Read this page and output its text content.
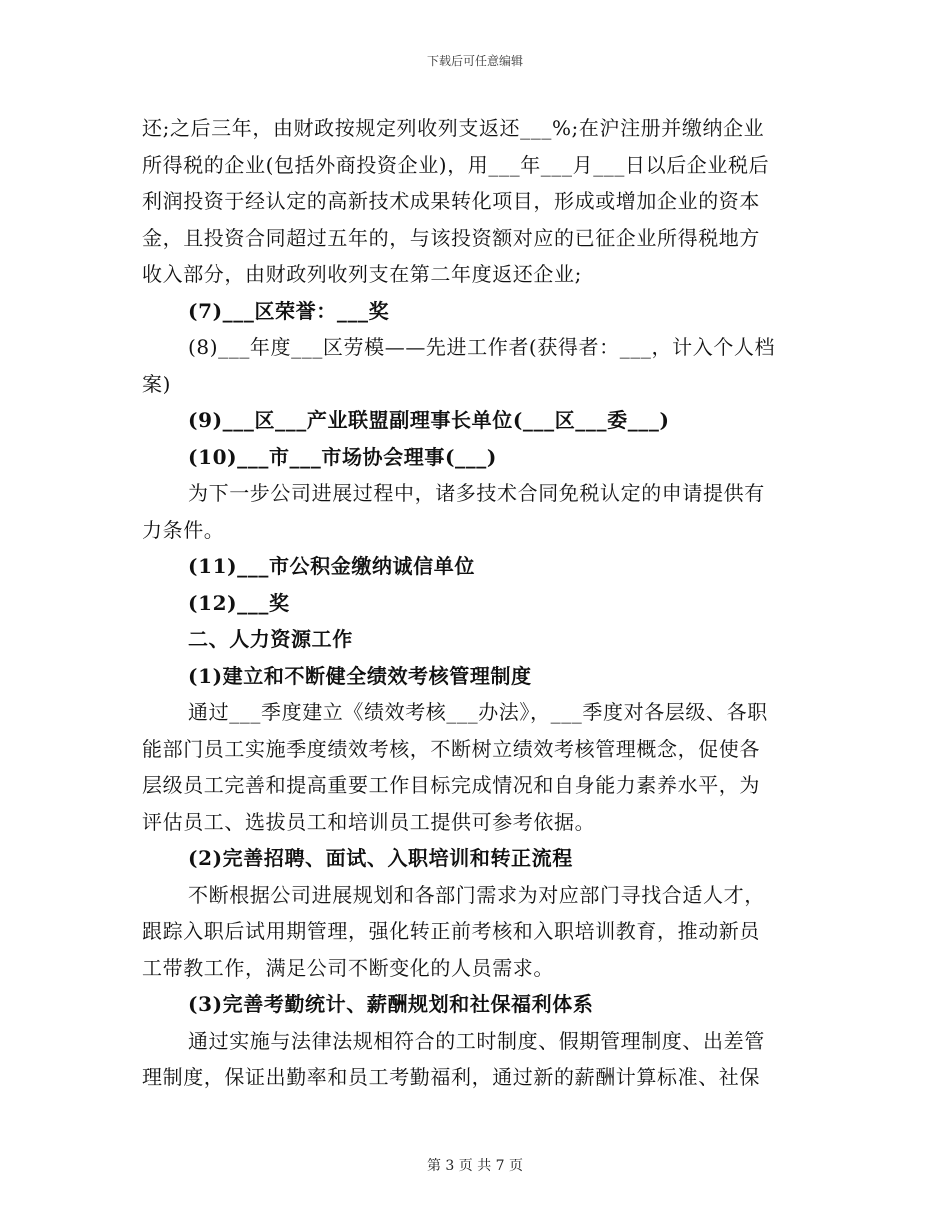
下载后可任意编辑
还;之后三年，由财政按规定列收列支返还___%;在沪注册并缴纳企业
所得税的企业(包括外商投资企业)，用___年___月___日以后企业税后
利润投资于经认定的高新技术成果转化项目，形成或增加企业的资本
金，且投资合同超过五年的，与该投资额对应的已征企业所得税地方
收入部分，由财政列收列支在第二年度返还企业;
(7)___区荣誉：___奖
(8)___年度___区劳模——先进工作者(获得者：___，计入个人档
案)
(9)___区___产业联盟副理事长单位(___区___委___)
(10)___市___市场协会理事(___)
为下一步公司进展过程中，诸多技术合同免税认定的申请提供有
力条件。
(11)___市公积金缴纳诚信单位
(12)___奖
二、人力资源工作
(1)建立和不断健全绩效考核管理制度
通过___季度建立《绩效考核___办法》，___季度对各层级、各职
能部门员工实施季度绩效考核，不断树立绩效考核管理概念，促使各
层级员工完善和提高重要工作目标完成情况和自身能力素养水平，为
评估员工、选拔员工和培训员工提供可参考依据。
(2)完善招聘、面试、入职培训和转正流程
不断根据公司进展规划和各部门需求为对应部门寻找合适人才，
跟踪入职后试用期管理，强化转正前考核和入职培训教育，推动新员
工带教工作，满足公司不断变化的人员需求。
(3)完善考勤统计、薪酬规划和社保福利体系
通过实施与法律法规相符合的工时制度、假期管理制度、出差管
理制度，保证出勤率和员工考勤福利，通过新的薪酬计算标准、社保
第 3 页 共 7 页
